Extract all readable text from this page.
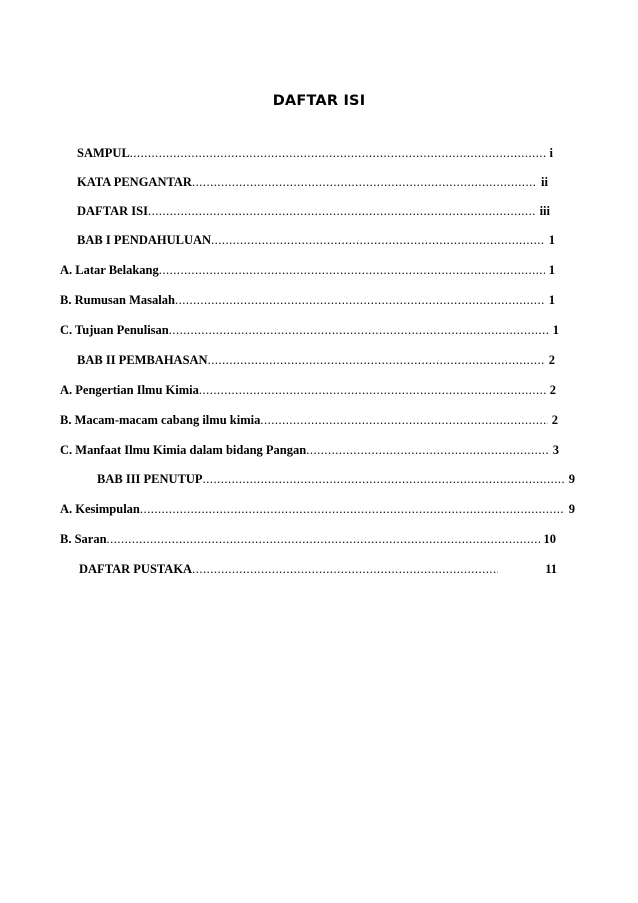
DAFTAR ISI
SAMPUL .....	i
KATA PENGANTAR .....	ii
DAFTAR ISI .....	iii
BAB I PENDAHULUAN .....	1
A. Latar Belakang .....	1
B. Rumusan Masalah .....	1
C. Tujuan Penulisan .....	1
BAB II PEMBAHASAN .....	2
A. Pengertian Ilmu Kimia .....	2
B. Macam-macam cabang ilmu kimia .....	2
C. Manfaat Ilmu Kimia dalam bidang Pangan .....	3
BAB III PENUTUP .....	9
A. Kesimpulan .....	9
B. Saran .....	10
DAFTAR PUSTAKA .....	11
